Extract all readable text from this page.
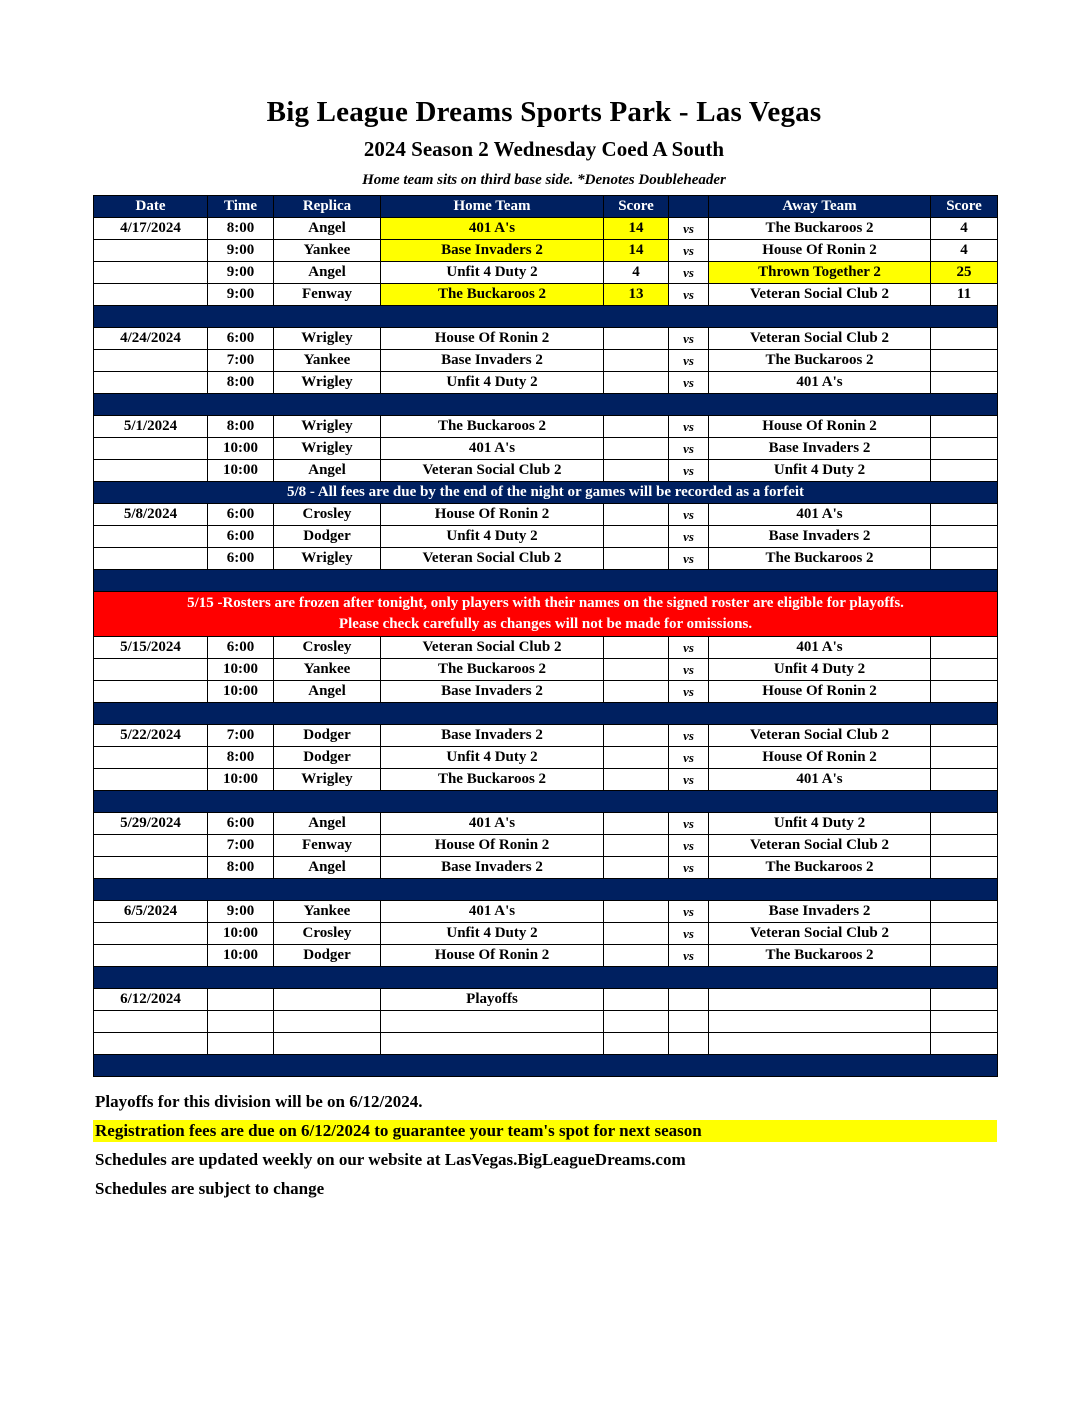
Big League Dreams Sports Park - Las Vegas
2024 Season 2 Wednesday Coed A South
Home team sits on third base side. *Denotes Doubleheader
Date	Time	Replica	Home Team	Score		Away Team	Score
4/17/2024	8:00	Angel	401 A's	14	vs	The Buckaroos 2	4
	9:00	Yankee	Base Invaders 2	14	vs	House Of Ronin 2	4
	9:00	Angel	Unfit 4 Duty 2	4	vs	Thrown Together 2	25
	9:00	Fenway	The Buckaroos 2	13	vs	Veteran Social Club 2	11

4/24/2024	6:00	Wrigley	House Of Ronin 2		vs	Veteran Social Club 2	
	7:00	Yankee	Base Invaders 2		vs	The Buckaroos 2	
	8:00	Wrigley	Unfit 4 Duty 2		vs	401 A's	

5/1/2024	8:00	Wrigley	The Buckaroos 2		vs	House Of Ronin 2	
	10:00	Wrigley	401 A's		vs	Base Invaders 2	
	10:00	Angel	Veteran Social Club 2		vs	Unfit 4 Duty 2	

5/8 - All fees are due by the end of the night or games will be recorded as a forfeit							

5/8/2024	6:00	Crosley	House Of Ronin 2		vs	401 A's	
	6:00	Dodger	Unfit 4 Duty 2		vs	Base Invaders 2	
	6:00	Wrigley	Veteran Social Club 2		vs	The Buckaroos 2	

5/15 -Rosters are frozen after tonight, only players with their names on the signed roster are eligible for playoffs.
Please check carefully as changes will not be made for omissions.							

5/15/2024	6:00	Crosley	Veteran Social Club 2		vs	401 A's	
	10:00	Yankee	The Buckaroos 2		vs	Unfit 4 Duty 2	
	10:00	Angel	Base Invaders 2		vs	House Of Ronin 2	

5/22/2024	7:00	Dodger	Base Invaders 2		vs	Veteran Social Club 2	
	8:00	Dodger	Unfit 4 Duty 2		vs	House Of Ronin 2	
	10:00	Wrigley	The Buckaroos 2		vs	401 A's	

5/29/2024	6:00	Angel	401 A's		vs	Unfit 4 Duty 2	
	7:00	Fenway	House Of Ronin 2		vs	Veteran Social Club 2	
	8:00	Angel	Base Invaders 2		vs	The Buckaroos 2	

6/5/2024	9:00	Yankee	401 A's		vs	Base Invaders 2	
	10:00	Crosley	Unfit 4 Duty 2		vs	Veteran Social Club 2	
	10:00	Dodger	House Of Ronin 2		vs	The Buckaroos 2	

6/12/2024			Playoffs				

Playoffs for this division will be on 6/12/2024.
Registration fees are due on 6/12/2024 to guarantee your team's spot for next season
Schedules are updated weekly on our website at LasVegas.BigLeagueDreams.com
Schedules are subject to change
